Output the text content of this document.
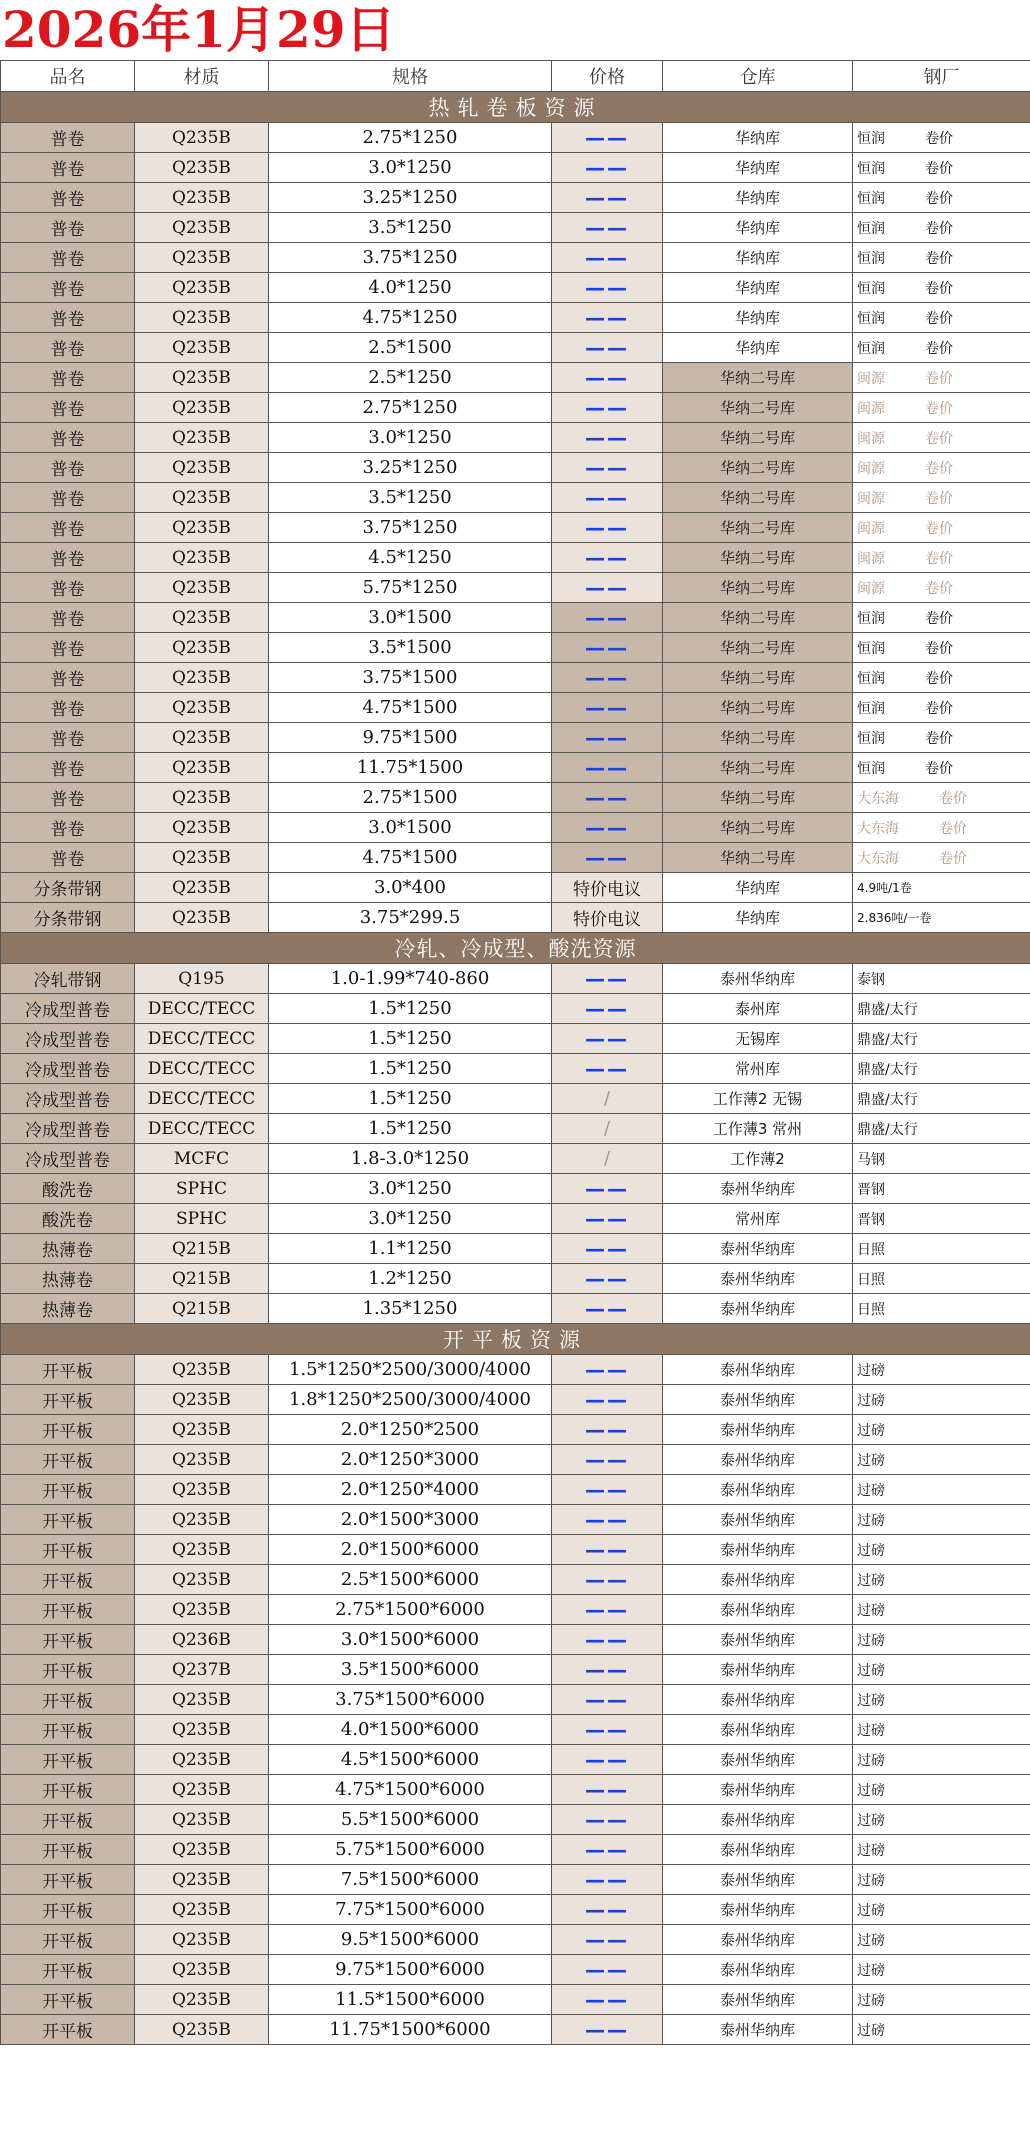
2026年1月29日
品名	材质	规格	价格	仓库	钢厂
热轧卷板资源					
普卷	Q235B	2.75*1250	——	华纳库	恒润 卷价
普卷	Q235B	3.0*1250	——	华纳库	恒润 卷价
普卷	Q235B	3.25*1250	——	华纳库	恒润 卷价
普卷	Q235B	3.5*1250	——	华纳库	恒润 卷价
普卷	Q235B	3.75*1250	——	华纳库	恒润 卷价
普卷	Q235B	4.0*1250	——	华纳库	恒润 卷价
普卷	Q235B	4.75*1250	——	华纳库	恒润 卷价
普卷	Q235B	2.5*1500	——	华纳库	恒润 卷价
普卷	Q235B	2.5*1250	——	华纳二号库	闽源 卷价
普卷	Q235B	2.75*1250	——	华纳二号库	闽源 卷价
普卷	Q235B	3.0*1250	——	华纳二号库	闽源 卷价
普卷	Q235B	3.25*1250	——	华纳二号库	闽源 卷价
普卷	Q235B	3.5*1250	——	华纳二号库	闽源 卷价
普卷	Q235B	3.75*1250	——	华纳二号库	闽源 卷价
普卷	Q235B	4.5*1250	——	华纳二号库	闽源 卷价
普卷	Q235B	5.75*1250	——	华纳二号库	闽源 卷价
普卷	Q235B	3.0*1500	——	华纳二号库	恒润 卷价
普卷	Q235B	3.5*1500	——	华纳二号库	恒润 卷价
普卷	Q235B	3.75*1500	——	华纳二号库	恒润 卷价
普卷	Q235B	4.75*1500	——	华纳二号库	恒润 卷价
普卷	Q235B	9.75*1500	——	华纳二号库	恒润 卷价
普卷	Q235B	11.75*1500	——	华纳二号库	恒润 卷价
普卷	Q235B	2.75*1500	——	华纳二号库	大东海 卷价
普卷	Q235B	3.0*1500	——	华纳二号库	大东海 卷价
普卷	Q235B	4.75*1500	——	华纳二号库	大东海 卷价
分条带钢	Q235B	3.0*400	特价电议	华纳库	4.9吨/1卷
分条带钢	Q235B	3.75*299.5	特价电议	华纳库	2.836吨/一卷
冷轧、冷成型、酸洗资源					
冷轧带钢	Q195	1.0-1.99*740-860	——	泰州华纳库	泰钢
冷成型普卷	DECC/TECC	1.5*1250	——	泰州库	鼎盛/太行
冷成型普卷	DECC/TECC	1.5*1250	——	无锡库	鼎盛/太行
冷成型普卷	DECC/TECC	1.5*1250	——	常州库	鼎盛/太行
冷成型普卷	DECC/TECC	1.5*1250	/	工作薄2 无锡	鼎盛/太行
冷成型普卷	DECC/TECC	1.5*1250	/	工作薄3 常州	鼎盛/太行
冷成型普卷	MCFC	1.8-3.0*1250	/	工作薄2	马钢
酸洗卷	SPHC	3.0*1250	——	泰州华纳库	晋钢
酸洗卷	SPHC	3.0*1250	——	常州库	晋钢
热薄卷	Q215B	1.1*1250	——	泰州华纳库	日照
热薄卷	Q215B	1.2*1250	——	泰州华纳库	日照
热薄卷	Q215B	1.35*1250	——	泰州华纳库	日照
开平板资源					
开平板	Q235B	1.5*1250*2500/3000/4000	——	泰州华纳库	过磅
开平板	Q235B	1.8*1250*2500/3000/4000	——	泰州华纳库	过磅
开平板	Q235B	2.0*1250*2500	——	泰州华纳库	过磅
开平板	Q235B	2.0*1250*3000	——	泰州华纳库	过磅
开平板	Q235B	2.0*1250*4000	——	泰州华纳库	过磅
开平板	Q235B	2.0*1500*3000	——	泰州华纳库	过磅
开平板	Q235B	2.0*1500*6000	——	泰州华纳库	过磅
开平板	Q235B	2.5*1500*6000	——	泰州华纳库	过磅
开平板	Q235B	2.75*1500*6000	——	泰州华纳库	过磅
开平板	Q236B	3.0*1500*6000	——	泰州华纳库	过磅
开平板	Q237B	3.5*1500*6000	——	泰州华纳库	过磅
开平板	Q235B	3.75*1500*6000	——	泰州华纳库	过磅
开平板	Q235B	4.0*1500*6000	——	泰州华纳库	过磅
开平板	Q235B	4.5*1500*6000	——	泰州华纳库	过磅
开平板	Q235B	4.75*1500*6000	——	泰州华纳库	过磅
开平板	Q235B	5.5*1500*6000	——	泰州华纳库	过磅
开平板	Q235B	5.75*1500*6000	——	泰州华纳库	过磅
开平板	Q235B	7.5*1500*6000	——	泰州华纳库	过磅
开平板	Q235B	7.75*1500*6000	——	泰州华纳库	过磅
开平板	Q235B	9.5*1500*6000	——	泰州华纳库	过磅
开平板	Q235B	9.75*1500*6000	——	泰州华纳库	过磅
开平板	Q235B	11.5*1500*6000	——	泰州华纳库	过磅
开平板	Q235B	11.75*1500*6000	——	泰州华纳库	过磅
